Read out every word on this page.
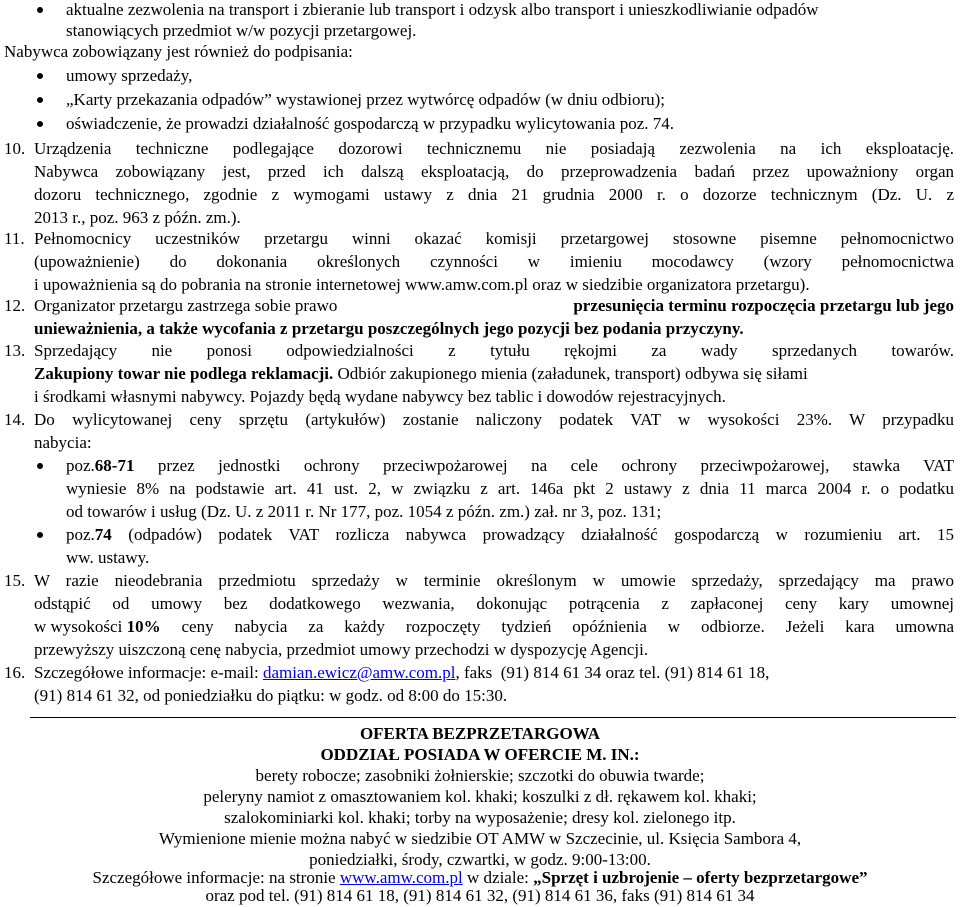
aktualne zezwolenia na transport i zbieranie lub transport i odzysk albo transport i unieszkodliwianie odpadów
stanowiących przedmiot w/w pozycji przetargowej.
Nabywca zobowiązany jest również do podpisania:
umowy sprzedaży,
„Karty przekazania odpadów” wystawionej przez wytwórcę odpadów (w dniu odbioru);
oświadczenie, że prowadzi działalność gospodarczą w przypadku wylicytowania poz. 74.
10. Urządzenia techniczne podlegające dozorowi technicznemu nie posiadają zezwolenia na ich eksploatację.
Nabywca zobowiązany jest, przed ich dalszą eksploatacją, do przeprowadzenia badań przez upoważniony organ
dozoru technicznego, zgodnie z wymogami ustawy z dnia 21 grudnia 2000 r. o dozorze technicznym (Dz. U. z
2013 r., poz. 963 z późn. zm.).
11. Pełnomocnicy uczestników przetargu winni okazać komisji przetargowej stosowne pisemne pełnomocnictwo
(upoważnienie) do dokonania określonych czynności w imieniu mocodawcy (wzory pełnomocnictwa
i upoważnienia są do pobrania na stronie internetowej www.amw.com.pl oraz w siedzibie organizatora przetargu).
12. Organizator przetargu zastrzega sobie prawo	przesunięcia terminu rozpoczęcia przetargu lub jego
unieważnienia, a także wycofania z przetargu poszczególnych jego pozycji bez podania przyczyny.
13. Sprzedający nie ponosi odpowiedzialności z tytułu rękojmi za wady sprzedanych towarów.
Zakupiony towar nie podlega reklamacji. Odbiór zakupionego mienia (załadunek, transport) odbywa się siłami
i środkami własnymi nabywcy. Pojazdy będą wydane nabywcy bez tablic i dowodów rejestracyjnych.
14. Do wylicytowanej ceny sprzętu (artykułów) zostanie naliczony podatek VAT w wysokości 23%. W przypadku
nabycia:
poz. 68-71 przez jednostki ochrony przeciwpożarowej na cele ochrony przeciwpożarowej, stawka VAT
wyniesie 8% na podstawie art. 41 ust. 2, w związku z art. 146a pkt 2 ustawy z dnia 11 marca 2004 r. o podatku
od towarów i usług (Dz. U. z 2011 r. Nr 177, poz. 1054 z późn. zm.) zał. nr 3, poz. 131;
poz. 74 (odpadów) podatek VAT rozlicza nabywca prowadzący działalność gospodarczą w rozumieniu art. 15
ww. ustawy.
15. W razie nieodebrania przedmiotu sprzedaży w terminie określonym w umowie sprzedaży, sprzedający ma prawo
odstąpić od umowy bez dodatkowego wezwania, dokonując potrącenia z zapłaconej ceny kary umownej
w wysokości 10% ceny nabycia za każdy rozpoczęty tydzień opóźnienia w odbiorze. Jeżeli kara umowna
przewyższy uiszczoną cenę nabycia, przedmiot umowy przechodzi w dyspozycję Agencji.
16. Szczegółowe informacje: e-mail: damian.ewicz@amw.com.pl, faks  (91) 814 61 34 oraz tel. (91) 814 61 18,
(91) 814 61 32, od poniedziałku do piątku: w godz. od 8:00 do 15:30.
OFERTA BEZPRZETARGOWA
ODDZIAŁ POSIADA W OFERCIE M. IN.:
berety robocze; zasobniki żołnierskie; szczotki do obuwia twarde;
peleryny namiot z omasztowaniem kol. khaki; koszulki z dł. rękawem kol. khaki;
szalokominiarki kol. khaki; torby na wyposażenie; dresy kol. zielonego itp.
Wymienione mienie można nabyć w siedzibie OT AMW w Szczecinie, ul. Księcia Sambora 4,
poniedziałki, środy, czwartki, w godz. 9:00-13:00.
Szczegółowe informacje: na stronie www.amw.com.pl w dziale: „Sprzęt i uzbrojenie – oferty bezprzetargowe”
oraz pod tel. (91) 814 61 18, (91) 814 61 32, (91) 814 61 36, faks (91) 814 61 34
